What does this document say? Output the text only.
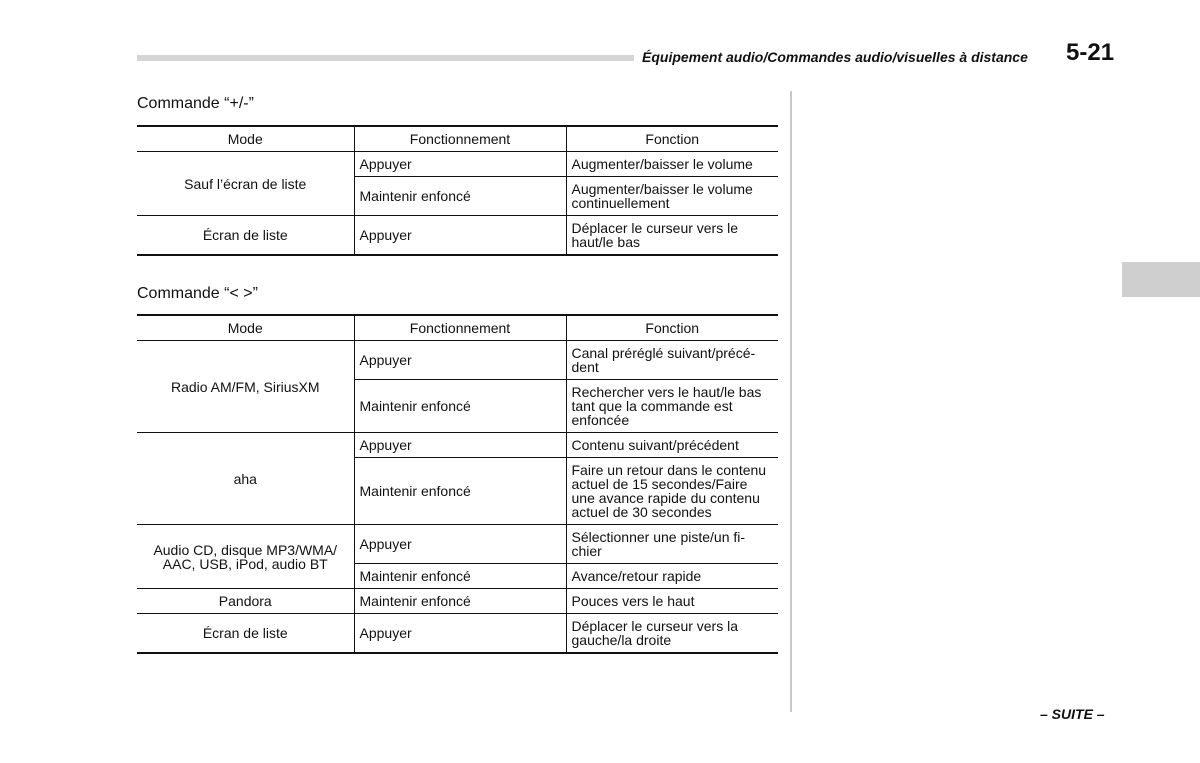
Équipement audio/Commandes audio/visuelles à distance 5-21
Commande “+/-”
Mode	Fonctionnement	Fonction
Sauf l’écran de liste	Appuyer	Augmenter/baisser le volume
	Maintenir enfoncé	Augmenter/baisser le volume continuellement
Écran de liste	Appuyer	Déplacer le curseur vers le haut/le bas
Commande “< >”
Mode	Fonctionnement	Fonction
Radio AM/FM, SiriusXM	Appuyer	Canal préréglé suivant/précé-dent
	Maintenir enfoncé	Rechercher vers le haut/le bas tant que la commande est enfoncée
aha	Appuyer	Contenu suivant/précédent
	Maintenir enfoncé	Faire un retour dans le contenu actuel de 15 secondes/Faire une avance rapide du contenu actuel de 30 secondes
Audio CD, disque MP3/WMA/ AAC, USB, iPod, audio BT	Appuyer	Sélectionner une piste/un fi-chier
	Maintenir enfoncé	Avance/retour rapide
Pandora	Maintenir enfoncé	Pouces vers le haut
Écran de liste	Appuyer	Déplacer le curseur vers la gauche/la droite
– SUITE –
